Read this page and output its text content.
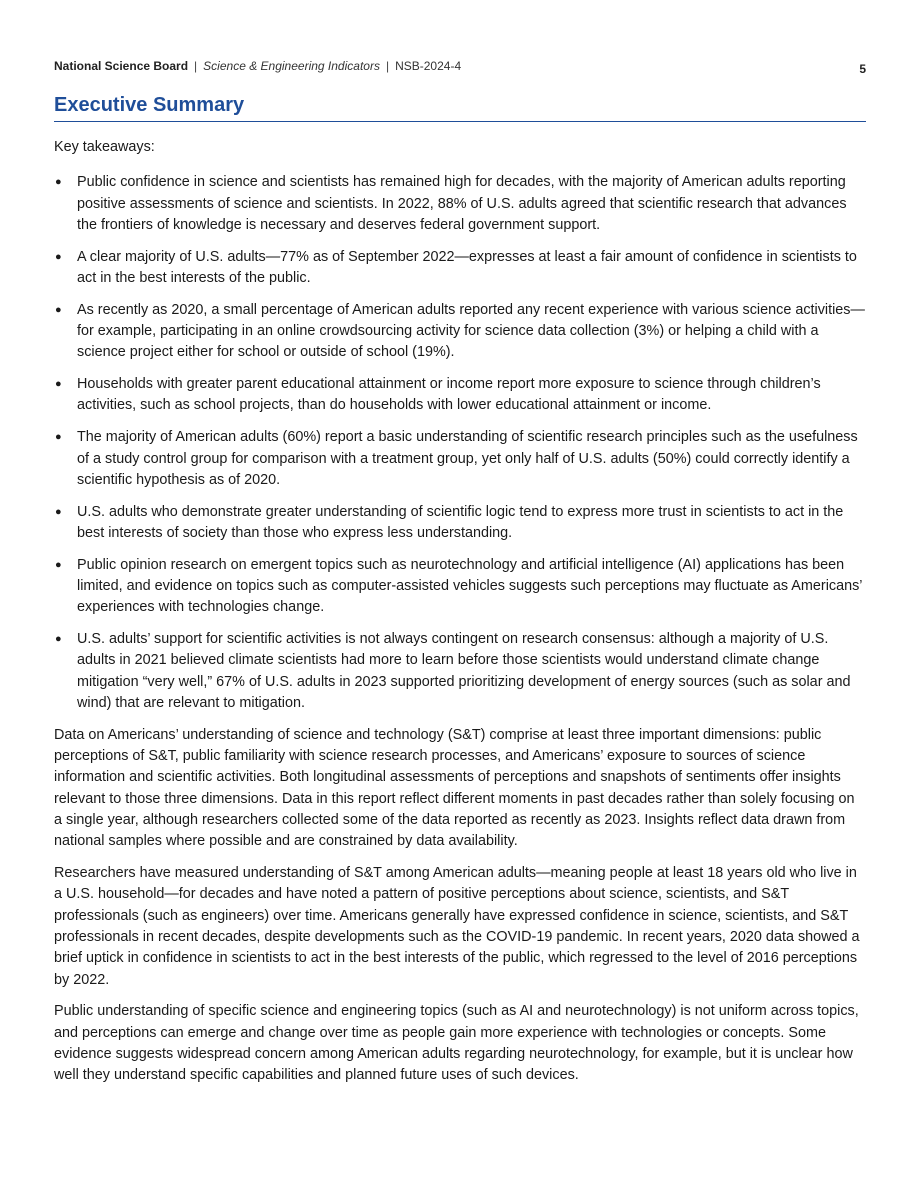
National Science Board | Science & Engineering Indicators | NSB-2024-4	5
Executive Summary

Key takeaways:

● Public confidence in science and scientists has remained high for decades, with the majority of American adults reporting positive assessments of science and scientists. In 2022, 88% of U.S. adults agreed that scientific research that advances the frontiers of knowledge is necessary and deserves federal government support.
● A clear majority of U.S. adults—77% as of September 2022—expresses at least a fair amount of confidence in scientists to act in the best interests of the public.
● As recently as 2020, a small percentage of American adults reported any recent experience with various science activities—for example, participating in an online crowdsourcing activity for science data collection (3%) or helping a child with a science project either for school or outside of school (19%).
● Households with greater parent educational attainment or income report more exposure to science through children’s activities, such as school projects, than do households with lower educational attainment or income.
● The majority of American adults (60%) report a basic understanding of scientific research principles such as the usefulness of a study control group for comparison with a treatment group, yet only half of U.S. adults (50%) could correctly identify a scientific hypothesis as of 2020.
● U.S. adults who demonstrate greater understanding of scientific logic tend to express more trust in scientists to act in the best interests of society than those who express less understanding.
● Public opinion research on emergent topics such as neurotechnology and artificial intelligence (AI) applications has been limited, and evidence on topics such as computer-assisted vehicles suggests such perceptions may fluctuate as Americans’ experiences with technologies change.
● U.S. adults’ support for scientific activities is not always contingent on research consensus: although a majority of U.S. adults in 2021 believed climate scientists had more to learn before those scientists would understand climate change mitigation “very well,” 67% of U.S. adults in 2023 supported prioritizing development of energy sources (such as solar and wind) that are relevant to mitigation.

Data on Americans’ understanding of science and technology (S&T) comprise at least three important dimensions: public perceptions of S&T, public familiarity with science research processes, and Americans’ exposure to sources of science information and scientific activities. Both longitudinal assessments of perceptions and snapshots of sentiments offer insights relevant to those three dimensions. Data in this report reflect different moments in past decades rather than solely focusing on a single year, although researchers collected some of the data reported as recently as 2023. Insights reflect data drawn from national samples where possible and are constrained by data availability.

Researchers have measured understanding of S&T among American adults—meaning people at least 18 years old who live in a U.S. household—for decades and have noted a pattern of positive perceptions about science, scientists, and S&T professionals (such as engineers) over time. Americans generally have expressed confidence in science, scientists, and S&T professionals in recent decades, despite developments such as the COVID-19 pandemic. In recent years, 2020 data showed a brief uptick in confidence in scientists to act in the best interests of the public, which regressed to the level of 2016 perceptions by 2022.

Public understanding of specific science and engineering topics (such as AI and neurotechnology) is not uniform across topics, and perceptions can emerge and change over time as people gain more experience with technologies or concepts. Some evidence suggests widespread concern among American adults regarding neurotechnology, for example, but it is unclear how well they understand specific capabilities and planned future uses of such devices.
